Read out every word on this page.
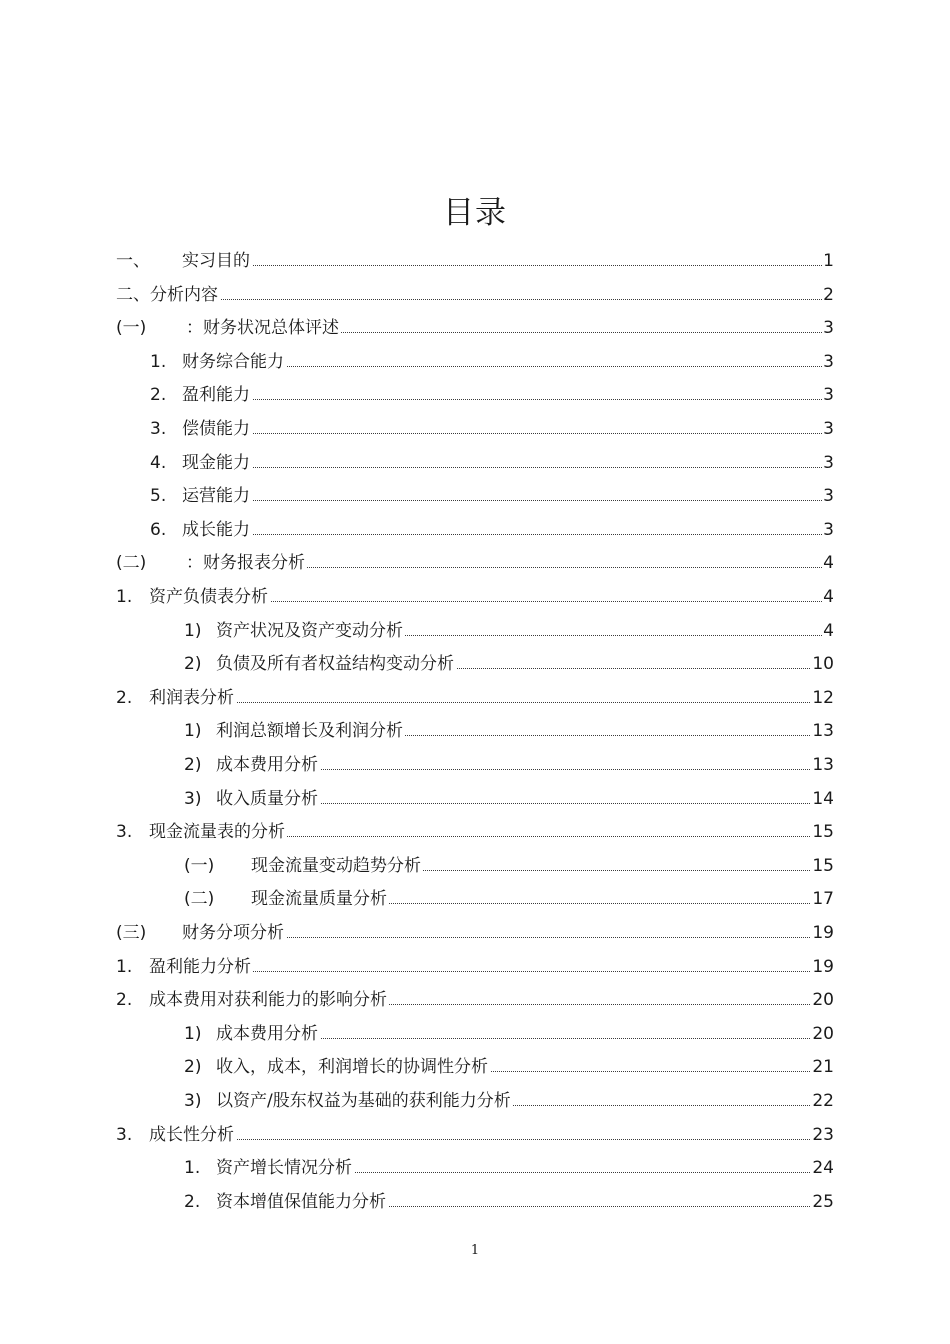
目录
一、 实习目的	1
二、分析内容	2
(一) ：财务状况总体评述	3
1. 财务综合能力	3
2. 盈利能力	3
3. 偿债能力	3
4. 现金能力	3
5. 运营能力	3
6. 成长能力	3
(二) ：财务报表分析	4
1. 资产负债表分析	4
1) 资产状况及资产变动分析	4
2) 负债及所有者权益结构变动分析	10
2. 利润表分析	12
1) 利润总额增长及利润分析	13
2) 成本费用分析	13
3) 收入质量分析	14
3. 现金流量表的分析	15
(一) 现金流量变动趋势分析	15
(二) 现金流量质量分析	17
(三) 财务分项分析	19
1. 盈利能力分析	19
2. 成本费用对获利能力的影响分析	20
1) 成本费用分析	20
2) 收入，成本，利润增长的协调性分析	21
3) 以资产/股东权益为基础的获利能力分析	22
3. 成长性分析	23
1. 资产增长情况分析	24
2. 资本增值保值能力分析	25
1
